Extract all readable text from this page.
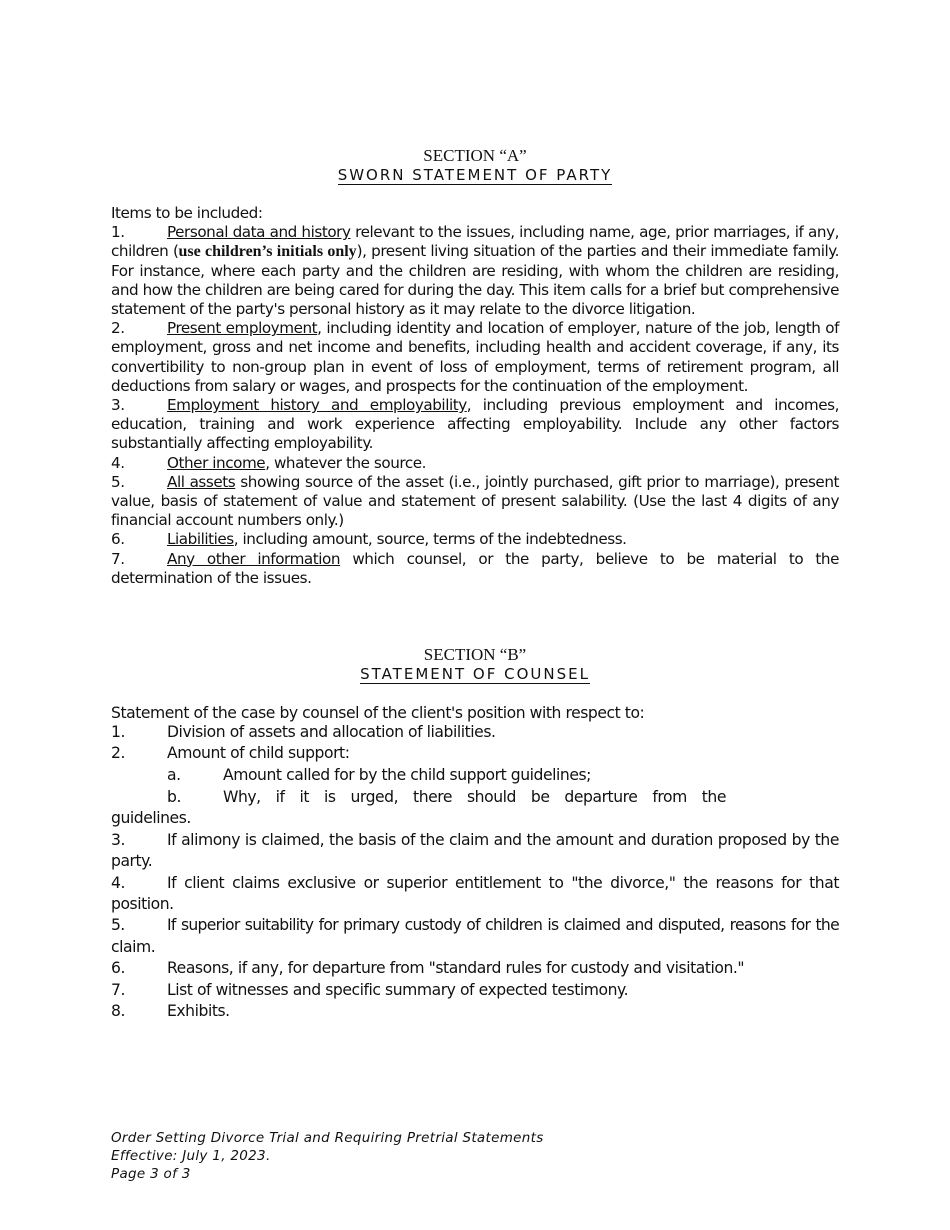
SECTION “A”
SWORN STATEMENT OF PARTY
Items to be included:
1.	Personal data and history relevant to the issues, including name, age, prior marriages, if any, children (use children’s initials only), present living situation of the parties and their immediate family. For instance, where each party and the children are residing, with whom the children are residing, and how the children are being cared for during the day. This item calls for a brief but comprehensive statement of the party's personal history as it may relate to the divorce litigation.
2.	Present employment, including identity and location of employer, nature of the job, length of employment, gross and net income and benefits, including health and accident coverage, if any, its convertibility to non-group plan in event of loss of employment, terms of retirement program, all deductions from salary or wages, and prospects for the continuation of the employment.
3.	Employment history and employability, including previous employment and incomes, education, training and work experience affecting employability. Include any other factors substantially affecting employability.
4.	Other income, whatever the source.
5.	All assets showing source of the asset (i.e., jointly purchased, gift prior to marriage), present value, basis of statement of value and statement of present salability. (Use the last 4 digits of any financial account numbers only.)
6.	Liabilities, including amount, source, terms of the indebtedness.
7.	Any other information which counsel, or the party, believe to be material to the determination of the issues.
SECTION “B”
STATEMENT OF COUNSEL
Statement of the case by counsel of the client's position with respect to:
1.	Division of assets and allocation of liabilities.
2.	Amount of child support:
a.	Amount called for by the child support guidelines;
b.	Why, if it is urged, there should be departure from the
guidelines.
3.	If alimony is claimed, the basis of the claim and the amount and duration proposed by the
party.
4.	If client claims exclusive or superior entitlement to "the divorce," the reasons for that
position.
5.	If superior suitability for primary custody of children is claimed and disputed, reasons for the
claim.
6.	Reasons, if any, for departure from "standard rules for custody and visitation."
7.	List of witnesses and specific summary of expected testimony.
8.	Exhibits.
Order Setting Divorce Trial and Requiring Pretrial Statements
Effective: July 1, 2023.
Page 3 of 3
